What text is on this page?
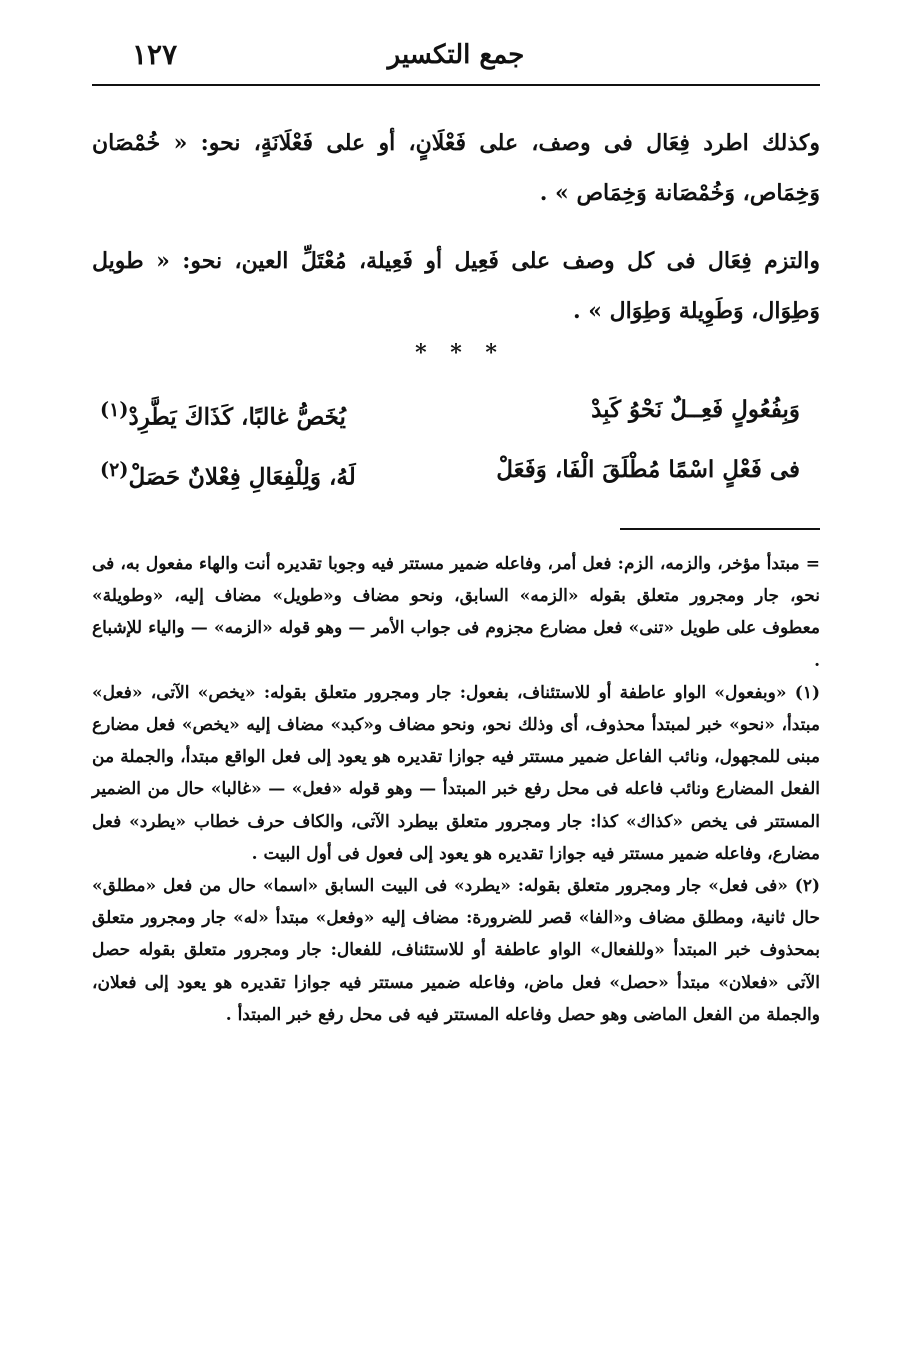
١٢٧	جمع التكسير
وكذلك اطرد فِعَال فى وصف، على فَعْلَانٍ، أو على فَعْلَانَةٍ، نحو: « خُمْصَان وَخِمَاص، وَخُمْصَانة وَخِمَاص » .
والتزم فِعَال فى كل وصف على فَعِيل أو فَعِيلة، مُعْتَلِّ العين، نحو: « طويل وَطِوَال، وَطَوِيلة وَطِوَال » .
* * *
وَبِفُعُولٍ فَعِــلٌ نَحْوُ كَبِدْ
يُخَصُّ غالبًا، كَذَاكَ يَطَّرِدْ$^{(١)}$
فى فَعْلٍ اسْمًا مُطْلَقَ الْفَا، وَفَعَلْ
لَهُ، وَلِلْفِعَالِ فِعْلانٌ حَصَلْ$^{(٢)}$

= مبتدأ مؤخر، والزمه، الزم: فعل أمر، وفاعله ضمير مستتر فيه وجوبا تقديره أنت والهاء مفعول به، فى نحو، جار ومجرور متعلق بقوله «الزمه» السابق، ونحو مضاف و«طويل» مضاف إليه، «وطويلة» معطوف على طويل «تنى» فعل مضارع مجزوم فى جواب الأمر — وهو قوله «الزمه» — والياء للإشباع .

(١) «وبفعول» الواو عاطفة أو للاستئناف، بفعول: جار ومجرور متعلق بقوله: «يخص» الآتى، «فعل» مبتدأ، «نحو» خبر لمبتدأ محذوف، أى وذلك نحو، ونحو مضاف و«كبد» مضاف إليه «يخص» فعل مضارع مبنى للمجهول، ونائب الفاعل ضمير مستتر فيه جوازا تقديره هو يعود إلى فعل الواقع مبتدأ، والجملة من الفعل المضارع ونائب فاعله فى محل رفع خبر المبتدأ — وهو قوله «فعل» — «غالبا» حال من الضمير المستتر فى يخص «كذاك» كذا: جار ومجرور متعلق بيطرد الآتى، والكاف حرف خطاب «يطرد» فعل مضارع، وفاعله ضمير مستتر فيه جوازا تقديره هو يعود إلى فعول فى أول البيت .

(٢) «فى فعل» جار ومجرور متعلق بقوله: «يطرد» فى البيت السابق «اسما» حال من فعل «مطلق» حال ثانية، ومطلق مضاف و«الفا» قصر للضرورة: مضاف إليه «وفعل» مبتدأ «له» جار ومجرور متعلق بمحذوف خبر المبتدأ «وللفعال» الواو عاطفة أو للاستئناف، للفعال: جار ومجرور متعلق بقوله حصل الآتى «فعلان» مبتدأ «حصل» فعل ماض، وفاعله ضمير مستتر فيه جوازا تقديره هو يعود إلى فعلان، والجملة من الفعل الماضى وهو حصل وفاعله المستتر فيه فى محل رفع خبر المبتدأ .
